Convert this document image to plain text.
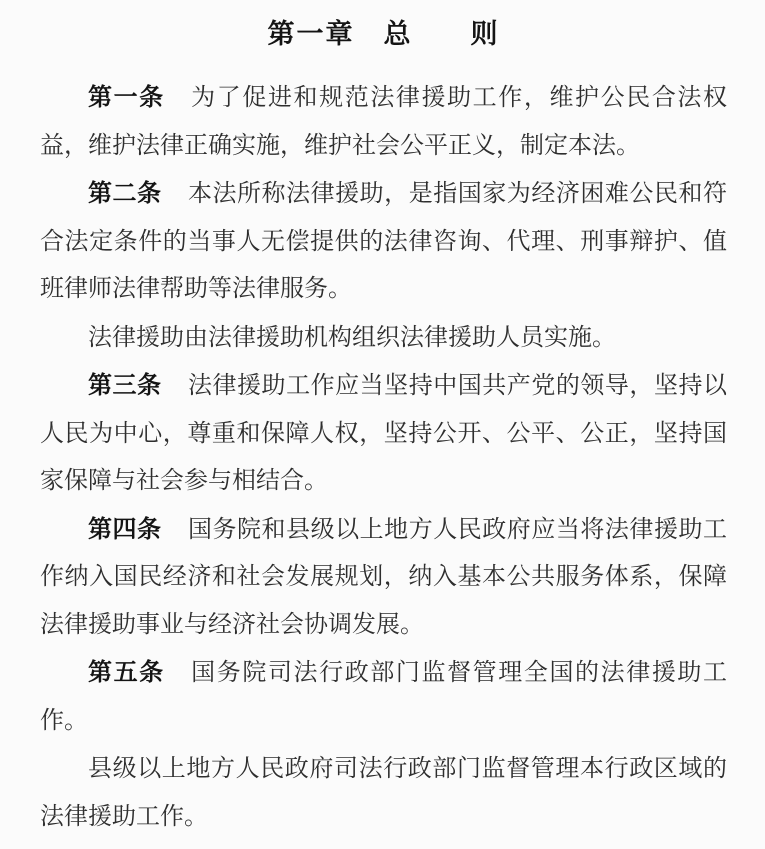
第一章　总　　则

第一条 为了促进和规范法律援助工作，维护公民合法权益，维护法律正确实施，维护社会公平正义，制定本法。

第二条 本法所称法律援助，是指国家为经济困难公民和符合法定条件的当事人无偿提供的法律咨询、代理、刑事辩护、值班律师法律帮助等法律服务。

法律援助由法律援助机构组织法律援助人员实施。

第三条 法律援助工作应当坚持中国共产党的领导，坚持以人民为中心，尊重和保障人权，坚持公开、公平、公正，坚持国家保障与社会参与相结合。

第四条 国务院和县级以上地方人民政府应当将法律援助工作纳入国民经济和社会发展规划，纳入基本公共服务体系，保障法律援助事业与经济社会协调发展。

第五条 国务院司法行政部门监督管理全国的法律援助工作。

县级以上地方人民政府司法行政部门监督管理本行政区域的法律援助工作。
